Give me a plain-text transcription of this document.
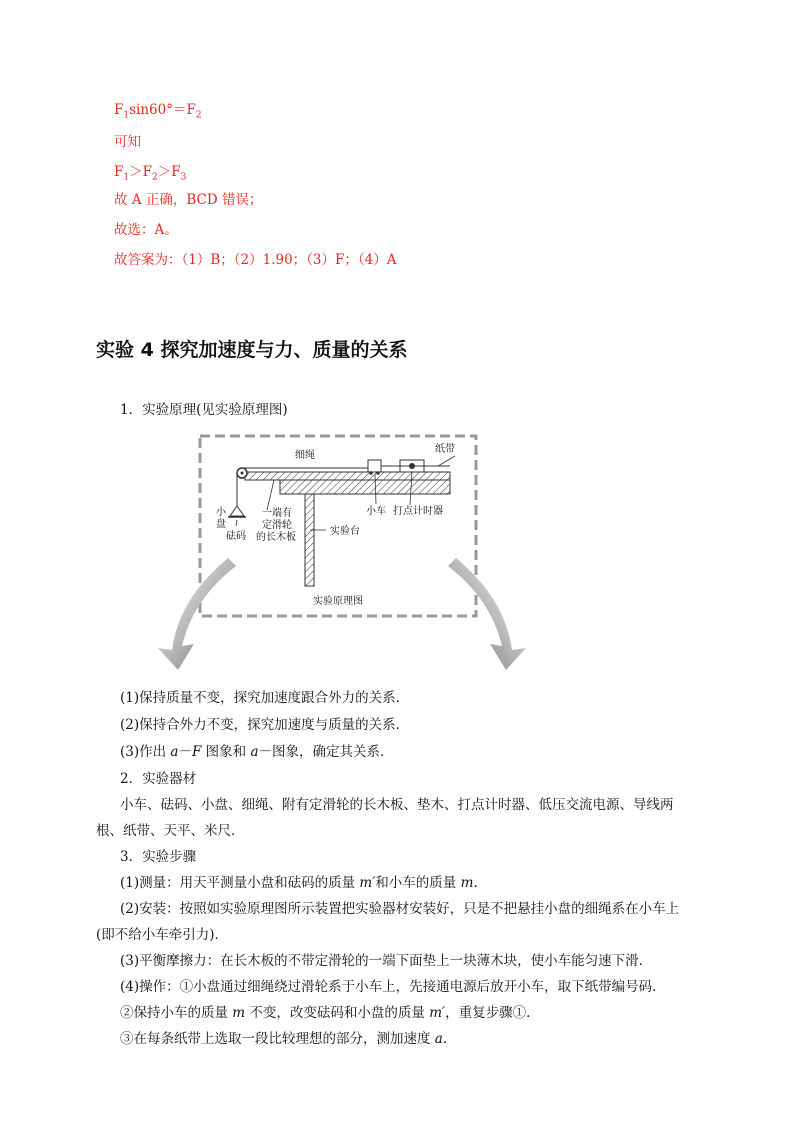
$F_1\sin 60^\circ=F_2$
可知
$F_1>F_2>F_3$
故 A 正确，BCD 错误；
故选：A。
故答案为：（1）B；（2）1.90；（3）F；（4）A
实验 4 探究加速度与力、质量的关系
1．实验原理(见实验原理图)
细绳
纸带
小车 打点计时器
小
盘
砝码
一端有
定滑轮
的长木板
实验台
实验原理图
(1)保持质量不变，探究加速度跟合外力的关系．
(2)保持合外力不变，探究加速度与质量的关系．
(3)作出 a－F 图象和 a－图象，确定其关系．
2．实验器材
小车、砝码、小盘、细绳、附有定滑轮的长木板、垫木、打点计时器、低压交流电源、导线两
根、纸带、天平、米尺．
3．实验步骤
(1)测量：用天平测量小盘和砝码的质量 m′和小车的质量 m.
(2)安装：按照如实验原理图所示装置把实验器材安装好，只是不把悬挂小盘的细绳系在小车上
(即不给小车牵引力)．
(3)平衡摩擦力：在长木板的不带定滑轮的一端下面垫上一块薄木块，使小车能匀速下滑．
(4)操作：①小盘通过细绳绕过滑轮系于小车上，先接通电源后放开小车，取下纸带编号码．
②保持小车的质量 m 不变，改变砝码和小盘的质量 m′，重复步骤①.
③在每条纸带上选取一段比较理想的部分，测加速度 a.
